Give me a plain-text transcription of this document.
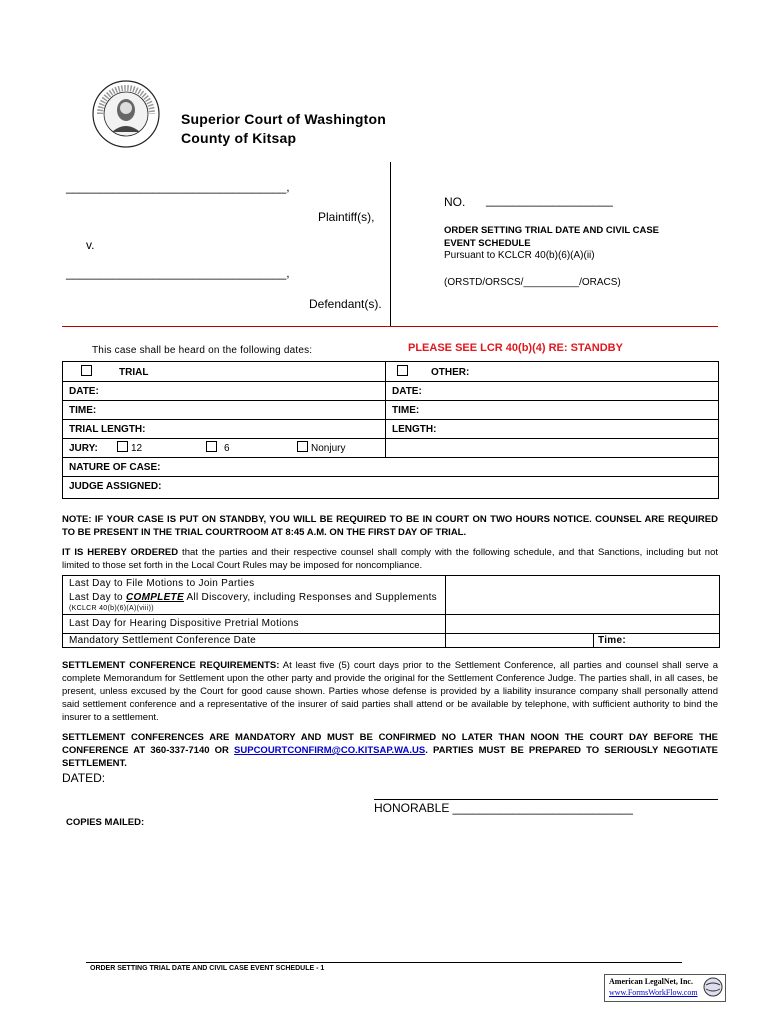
Superior Court of Washington
County of Kitsap
_________________________________,
Plaintiff(s),
v.
_________________________________,
Defendant(s).
NO. ___________________
ORDER SETTING TRIAL DATE AND CIVIL CASE
EVENT SCHEDULE
Pursuant to KCLCR 40(b)(6)(A)(ii)
(ORSTD/ORSCS/__________/ORACS)
This case shall be heard on the following dates:	PLEASE SEE LCR 40(b)(4) RE: STANDBY
TRIAL	OTHER:
DATE:	DATE:
TIME:	TIME:
TRIAL LENGTH:	LENGTH:
JURY:	12	6	Nonjury
NATURE OF CASE:
JUDGE ASSIGNED:
NOTE: IF YOUR CASE IS PUT ON STANDBY, YOU WILL BE REQUIRED TO BE IN COURT ON TWO HOURS NOTICE. COUNSEL ARE REQUIRED TO BE PRESENT IN THE TRIAL COURTROOM AT 8:45 A.M. ON THE FIRST DAY OF TRIAL.
IT IS HEREBY ORDERED that the parties and their respective counsel shall comply with the following schedule, and that Sanctions, including but not limited to those set forth in the Local Court Rules may be imposed for noncompliance.
Last Day to File Motions to Join Parties
Last Day to COMPLETE All Discovery, including Responses and Supplements
(KCLCR 40(b)(6)(A)(viii))
Last Day for Hearing Dispositive Pretrial Motions
Mandatory Settlement Conference Date	Time:
SETTLEMENT CONFERENCE REQUIREMENTS: At least five (5) court days prior to the Settlement Conference, all parties and counsel shall serve a complete Memorandum for Settlement upon the other party and provide the original for the Settlement Conference Judge. The parties shall, in all cases, be present, unless excused by the Court for good cause shown. Parties whose defense is provided by a liability insurance company shall personally attend said settlement conference and a representative of the insurer of said parties shall attend or be available by telephone, with sufficient authority to bind the insurer to a settlement.
SETTLEMENT CONFERENCES ARE MANDATORY AND MUST BE CONFIRMED NO LATER THAN NOON THE COURT DAY BEFORE THE CONFERENCE AT 360-337-7140 OR SUPCOURTCONFIRM@CO.KITSAP.WA.US. PARTIES MUST BE PREPARED TO SERIOUSLY NEGOTIATE SETTLEMENT.
DATED:
HONORABLE ___________________________
COPIES MAILED:
ORDER SETTING TRIAL DATE AND CIVIL CASE EVENT SCHEDULE - 1
American LegalNet, Inc.
www.FormsWorkFlow.com
